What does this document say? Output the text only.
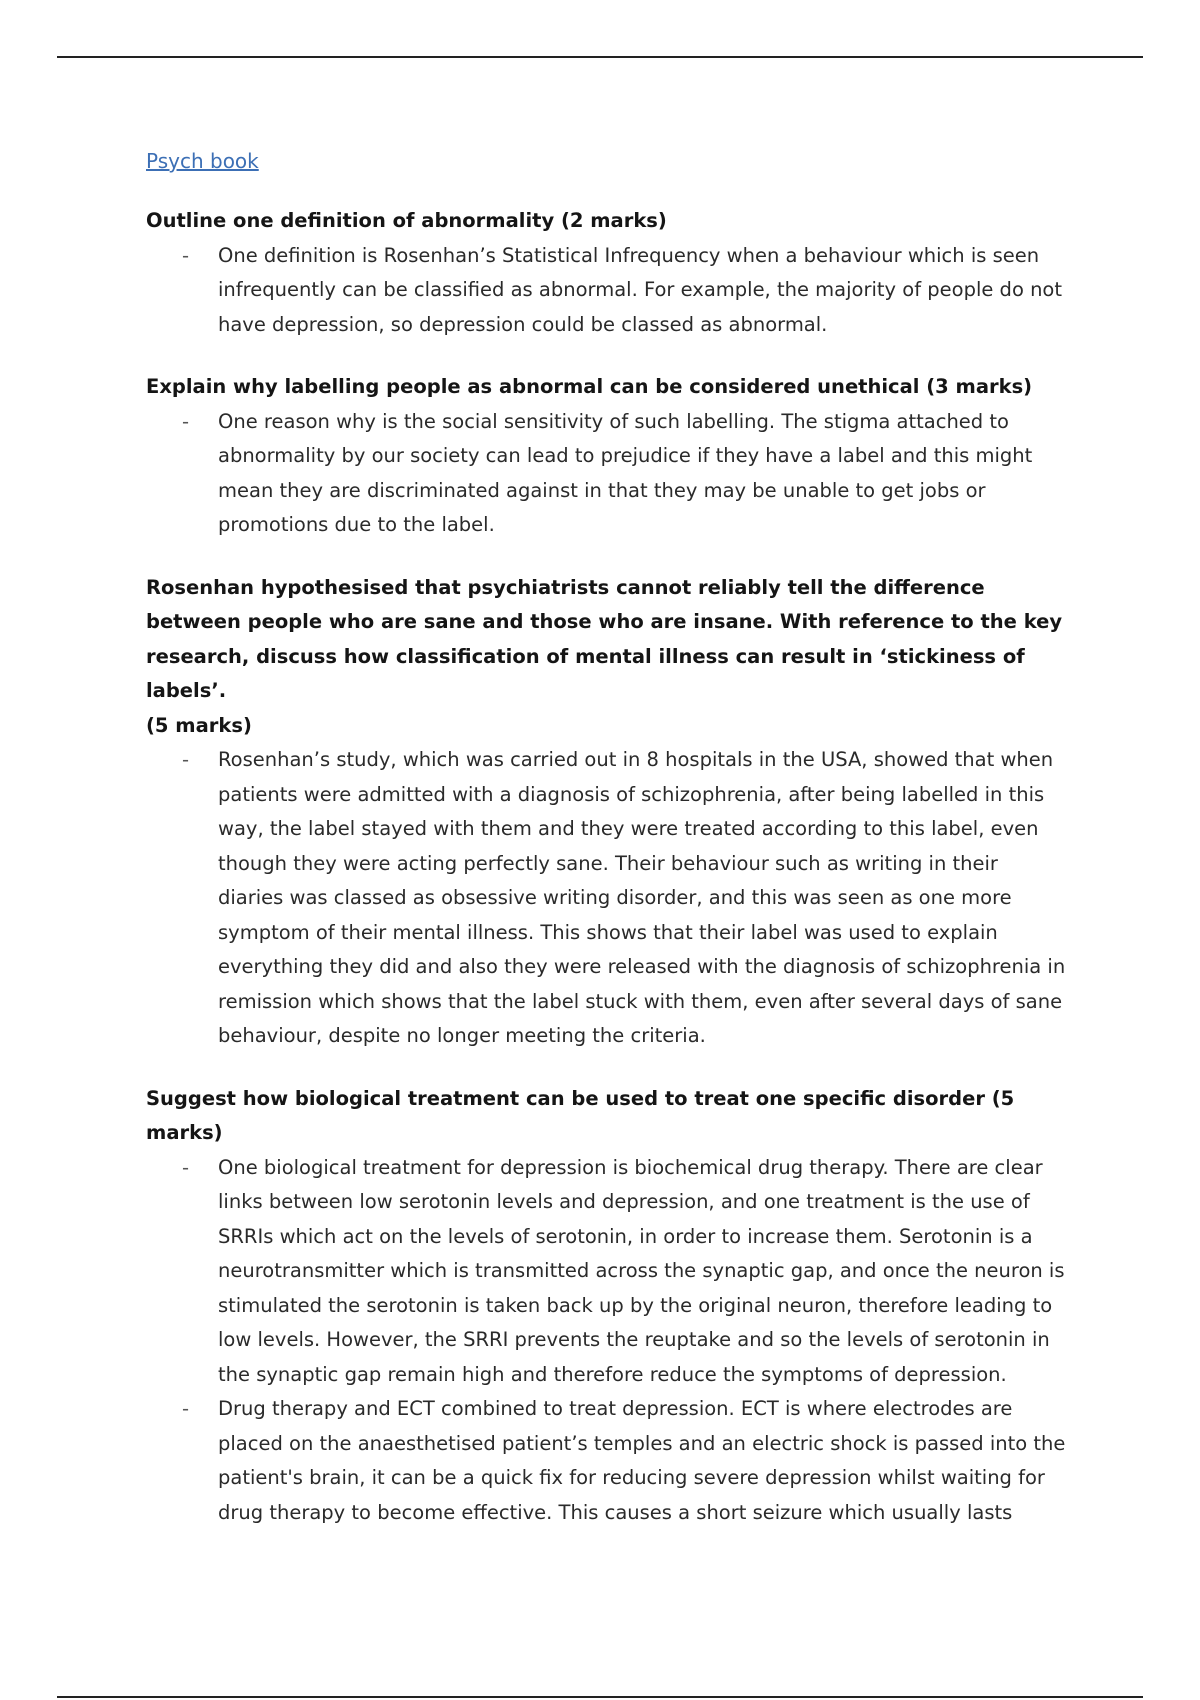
Psych book

Outline one definition of abnormality (2 marks)

- One definition is Rosenhan’s Statistical Infrequency when a behaviour which is seen infrequently can be classified as abnormal. For example, the majority of people do not have depression, so depression could be classed as abnormal.

Explain why labelling people as abnormal can be considered unethical (3 marks)

- One reason why is the social sensitivity of such labelling. The stigma attached to abnormality by our society can lead to prejudice if they have a label and this might mean they are discriminated against in that they may be unable to get jobs or promotions due to the label.

Rosenhan hypothesised that psychiatrists cannot reliably tell the difference between people who are sane and those who are insane. With reference to the key research, discuss how classification of mental illness can result in ‘stickiness of labels’.

(5 marks)

- Rosenhan’s study, which was carried out in 8 hospitals in the USA, showed that when patients were admitted with a diagnosis of schizophrenia, after being labelled in this way, the label stayed with them and they were treated according to this label, even though they were acting perfectly sane. Their behaviour such as writing in their diaries was classed as obsessive writing disorder, and this was seen as one more symptom of their mental illness. This shows that their label was used to explain everything they did and also they were released with the diagnosis of schizophrenia in remission which shows that the label stuck with them, even after several days of sane behaviour, despite no longer meeting the criteria.

Suggest how biological treatment can be used to treat one specific disorder (5 marks)

- One biological treatment for depression is biochemical drug therapy. There are clear links between low serotonin levels and depression, and one treatment is the use of SRRIs which act on the levels of serotonin, in order to increase them. Serotonin is a neurotransmitter which is transmitted across the synaptic gap, and once the neuron is stimulated the serotonin is taken back up by the original neuron, therefore leading to low levels. However, the SRRI prevents the reuptake and so the levels of serotonin in the synaptic gap remain high and therefore reduce the symptoms of depression.
- Drug therapy and ECT combined to treat depression. ECT is where electrodes are placed on the anaesthetised patient’s temples and an electric shock is passed into the patient's brain, it can be a quick fix for reducing severe depression whilst waiting for drug therapy to become effective. This causes a short seizure which usually lasts
